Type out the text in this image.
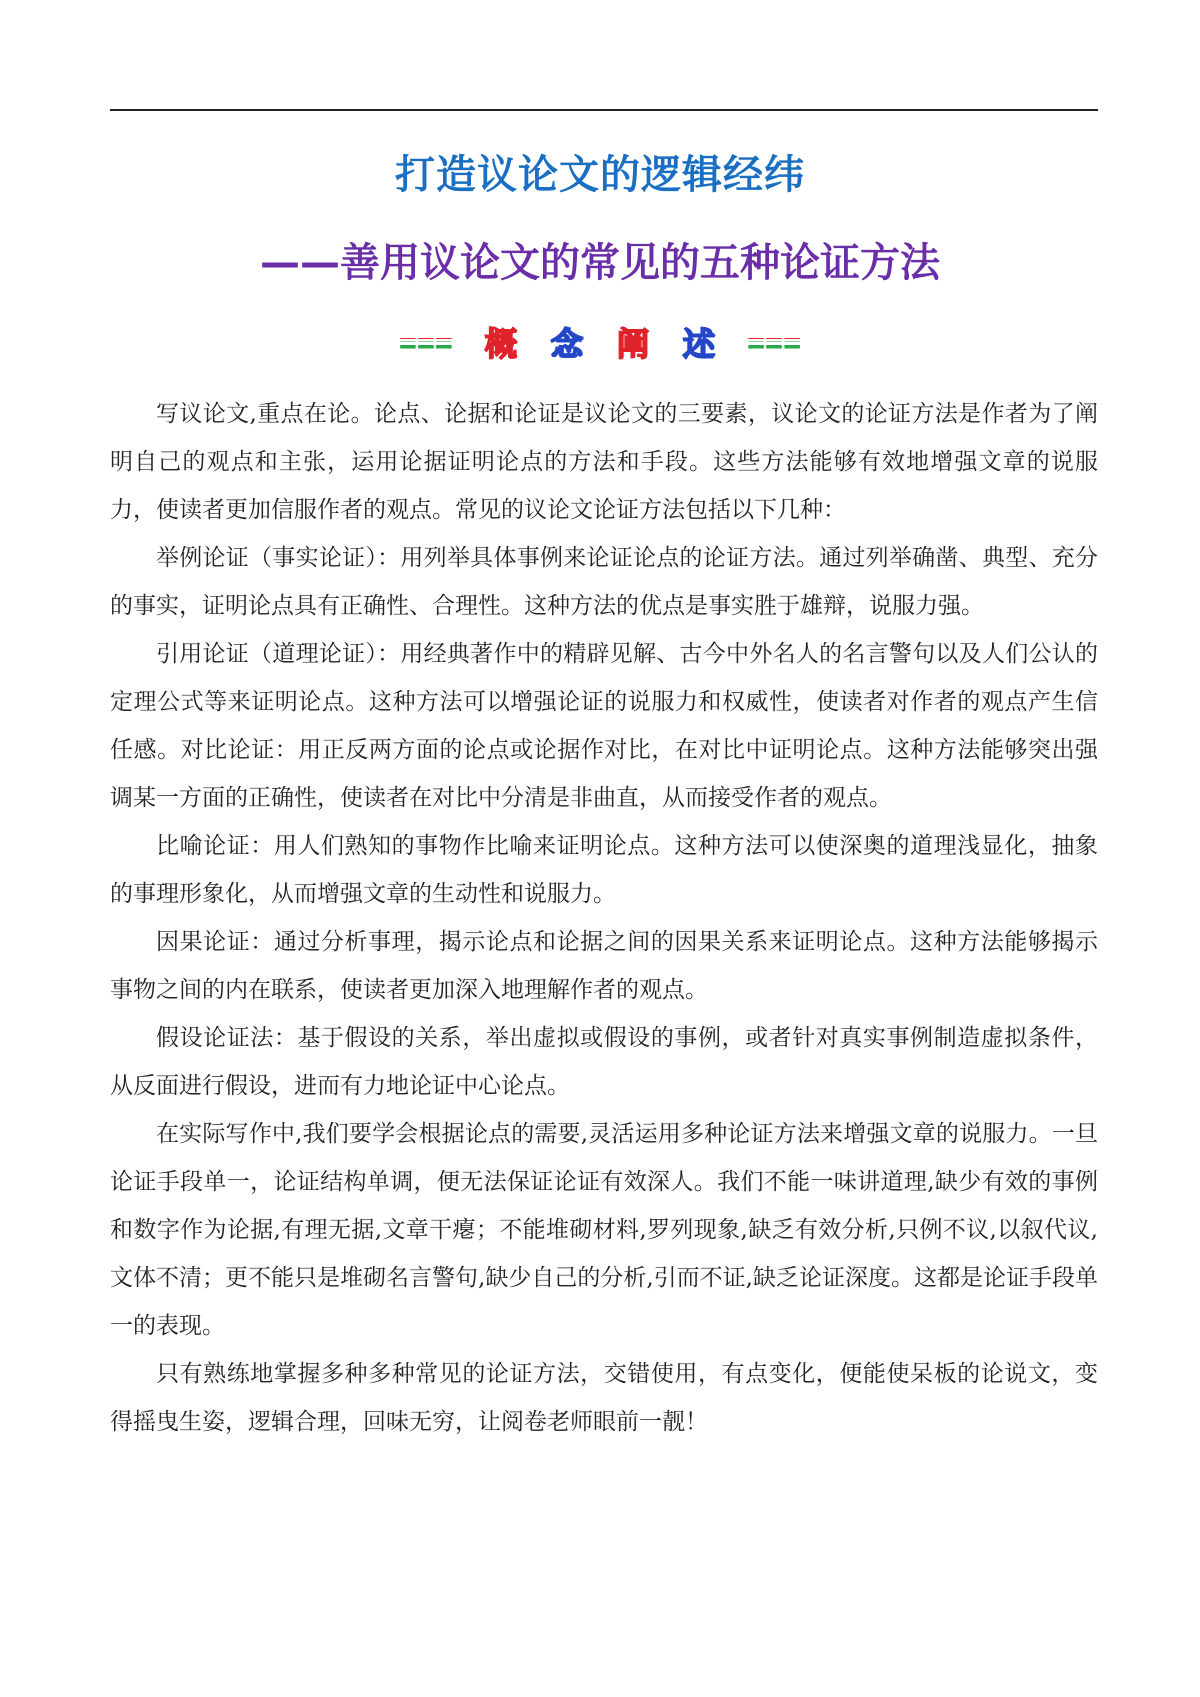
打造议论文的逻辑经纬
——善用议论文的常见的五种论证方法
=== 概 念 阐 述 ===

写议论文,重点在论。论点、论据和论证是议论文的三要素，议论文的论证方法是作者为了阐明自己的观点和主张，运用论据证明论点的方法和手段。这些方法能够有效地增强文章的说服力，使读者更加信服作者的观点。常见的议论文论证方法包括以下几种：

举例论证（事实论证）：用列举具体事例来论证论点的论证方法。通过列举确凿、典型、充分的事实，证明论点具有正确性、合理性。这种方法的优点是事实胜于雄辩，说服力强。

引用论证（道理论证）：用经典著作中的精辟见解、古今中外名人的名言警句以及人们公认的定理公式等来证明论点。这种方法可以增强论证的说服力和权威性，使读者对作者的观点产生信任感。对比论证：用正反两方面的论点或论据作对比，在对比中证明论点。这种方法能够突出强调某一方面的正确性，使读者在对比中分清是非曲直，从而接受作者的观点。

比喻论证：用人们熟知的事物作比喻来证明论点。这种方法可以使深奥的道理浅显化，抽象的事理形象化，从而增强文章的生动性和说服力。

因果论证：通过分析事理，揭示论点和论据之间的因果关系来证明论点。这种方法能够揭示事物之间的内在联系，使读者更加深入地理解作者的观点。

假设论证法：基于假设的关系，举出虚拟或假设的事例，或者针对真实事例制造虚拟条件，从反面进行假设，进而有力地论证中心论点。

在实际写作中,我们要学会根据论点的需要,灵活运用多种论证方法来增强文章的说服力。一旦论证手段单一，论证结构单调，便无法保证论证有效深人。我们不能一味讲道理,缺少有效的事例和数字作为论据,有理无据,文章干瘪；不能堆砌材料,罗列现象,缺乏有效分析,只例不议,以叙代议,文体不清；更不能只是堆砌名言警句,缺少自己的分析,引而不证,缺乏论证深度。这都是论证手段单一的表现。

只有熟练地掌握多种多种常见的论证方法，交错使用，有点变化，便能使呆板的论说文，变得摇曳生姿，逻辑合理，回味无穷，让阅卷老师眼前一靓！
